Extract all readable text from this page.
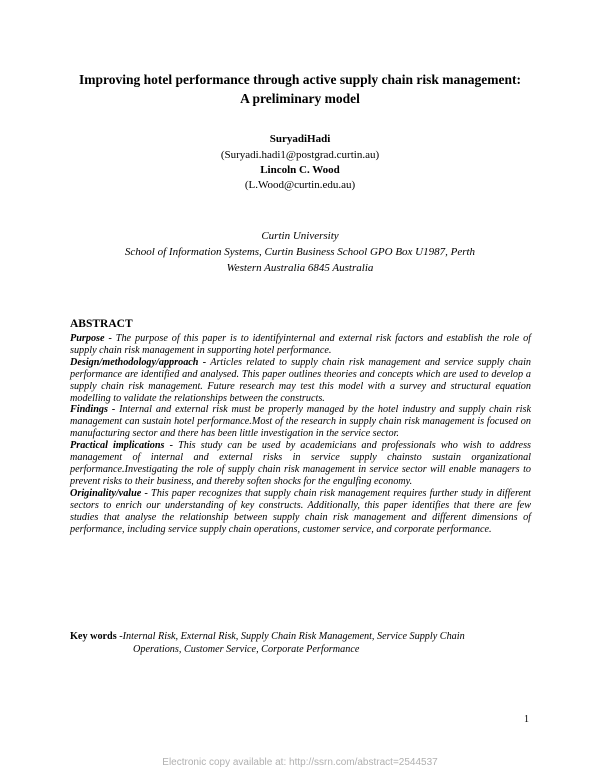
Improving hotel performance through active supply chain risk management:
A preliminary model
SuryadiHadi
(Suryadi.hadi1@postgrad.curtin.au)
Lincoln C. Wood
(L.Wood@curtin.edu.au)
Curtin University
School of Information Systems, Curtin Business School GPO Box U1987, Perth
Western Australia 6845 Australia
ABSTRACT

Purpose - The purpose of this paper is to identifyinternal and external risk factors and establish the role of supply chain risk management in supporting hotel performance.

Design/methodology/approach - Articles related to supply chain risk management and service supply chain performance are identified and analysed. This paper outlines theories and concepts which are used to develop a supply chain risk management. Future research may test this model with a survey and structural equation modelling to validate the relationships between the constructs.

Findings - Internal and external risk must be properly managed by the hotel industry and supply chain risk management can sustain hotel performance.Most of the research in supply chain risk management is focused on manufacturing sector and there has been little investigation in the service sector.

Practical implications - This study can be used by academicians and professionals who wish to address management of internal and external risks in service supply chainsto sustain organizational performance.Investigating the role of supply chain risk management in service sector will enable managers to prevent risks to their business, and thereby soften shocks for the engulfing economy.

Originality/value - This paper recognizes that supply chain risk management requires further study in different sectors to enrich our understanding of key constructs. Additionally, this paper identifies that there are few studies that analyse the relationship between supply chain risk management and different dimensions of performance, including service supply chain operations, customer service, and corporate performance.

Key words -Internal Risk, External Risk, Supply Chain Risk Management, Service Supply Chain
Operations, Customer Service, Corporate Performance
1
Electronic copy available at: http://ssrn.com/abstract=2544537
